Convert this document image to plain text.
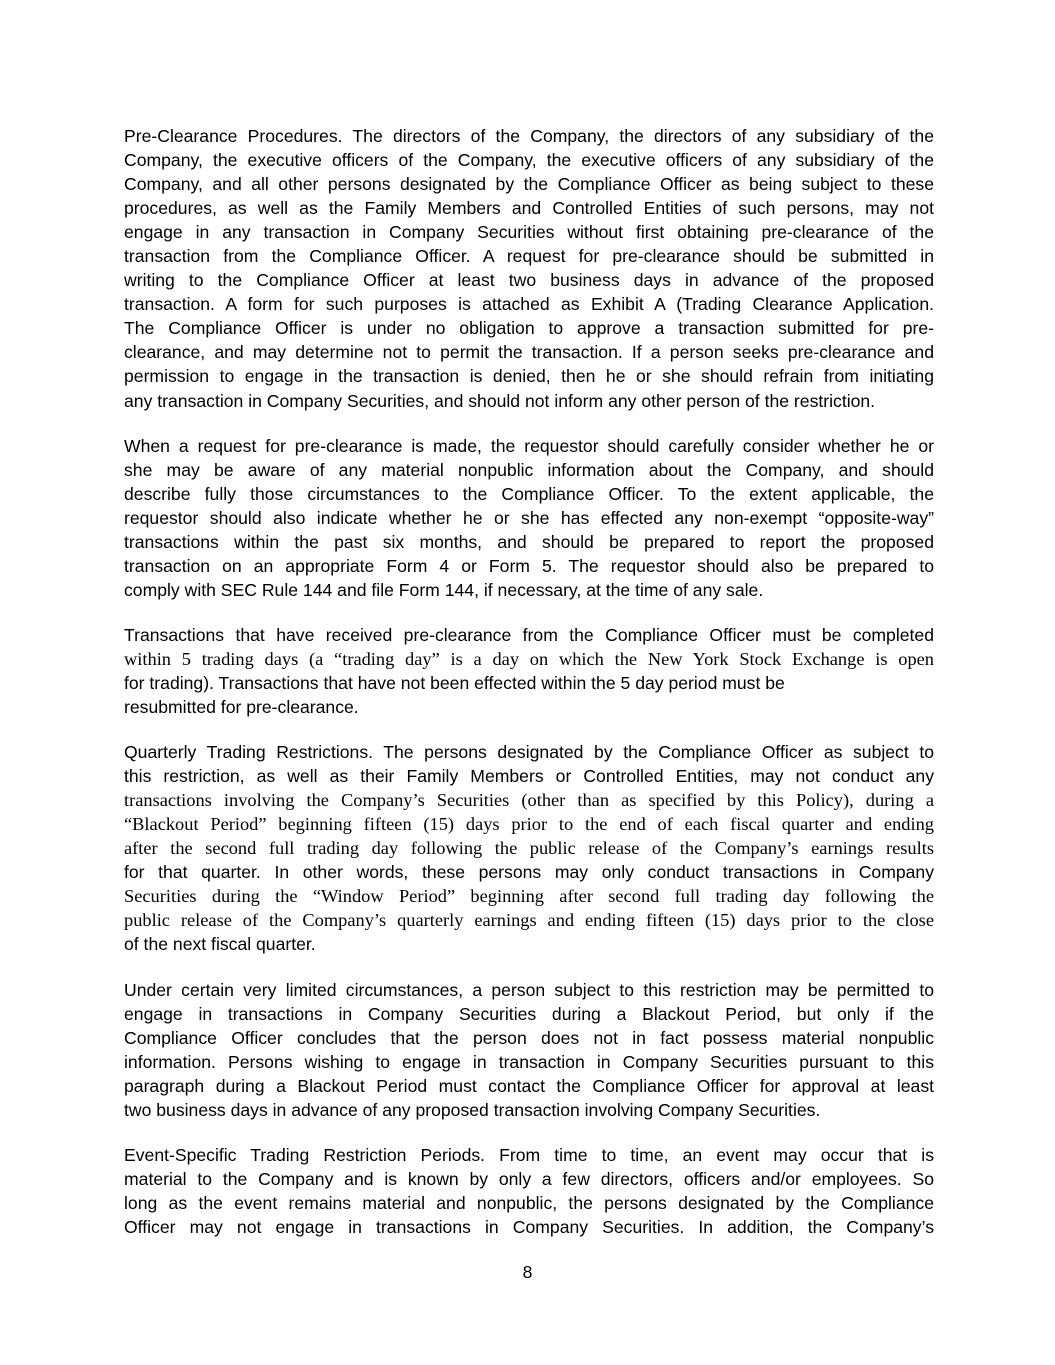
Pre-Clearance Procedures. The directors of the Company, the directors of any subsidiary of the
Company, the executive officers of the Company, the executive officers of any subsidiary of the
Company, and all other persons designated by the Compliance Officer as being subject to these
procedures, as well as the Family Members and Controlled Entities of such persons, may not
engage in any transaction in Company Securities without first obtaining pre-clearance of the
transaction from the Compliance Officer. A request for pre-clearance should be submitted in
writing to the Compliance Officer at least two business days in advance of the proposed
transaction. A form for such purposes is attached as Exhibit A (Trading Clearance Application.
The Compliance Officer is under no obligation to approve a transaction submitted for pre-
clearance, and may determine not to permit the transaction. If a person seeks pre-clearance and
permission to engage in the transaction is denied, then he or she should refrain from initiating
any transaction in Company Securities, and should not inform any other person of the restriction.

When a request for pre-clearance is made, the requestor should carefully consider whether he or
she may be aware of any material nonpublic information about the Company, and should
describe fully those circumstances to the Compliance Officer. To the extent applicable, the
requestor should also indicate whether he or she has effected any non-exempt “opposite-way”
transactions within the past six months, and should be prepared to report the proposed
transaction on an appropriate Form 4 or Form 5. The requestor should also be prepared to
comply with SEC Rule 144 and file Form 144, if necessary, at the time of any sale.

Transactions that have received pre-clearance from the Compliance Officer must be completed
within 5 trading days (a “trading day” is a day on which the New York Stock Exchange is open
for trading). Transactions that have not been effected within the 5 day period must be
resubmitted for pre-clearance.

Quarterly Trading Restrictions. The persons designated by the Compliance Officer as subject to
this restriction, as well as their Family Members or Controlled Entities, may not conduct any
transactions involving the Company’s Securities (other than as specified by this Policy), during a
“Blackout Period” beginning fifteen (15) days prior to the end of each fiscal quarter and ending
after the second full trading day following the public release of the Company’s earnings results
for that quarter. In other words, these persons may only conduct transactions in Company
Securities during the “Window Period” beginning after second full trading day following the
public release of the Company’s quarterly earnings and ending fifteen (15) days prior to the close
of the next fiscal quarter.

Under certain very limited circumstances, a person subject to this restriction may be permitted to
engage in transactions in Company Securities during a Blackout Period, but only if the
Compliance Officer concludes that the person does not in fact possess material nonpublic
information. Persons wishing to engage in transaction in Company Securities pursuant to this
paragraph during a Blackout Period must contact the Compliance Officer for approval at least
two business days in advance of any proposed transaction involving Company Securities.

Event-Specific Trading Restriction Periods. From time to time, an event may occur that is
material to the Company and is known by only a few directors, officers and/or employees. So
long as the event remains material and nonpublic, the persons designated by the Compliance
Officer may not engage in transactions in Company Securities. In addition, the Company’s

8
